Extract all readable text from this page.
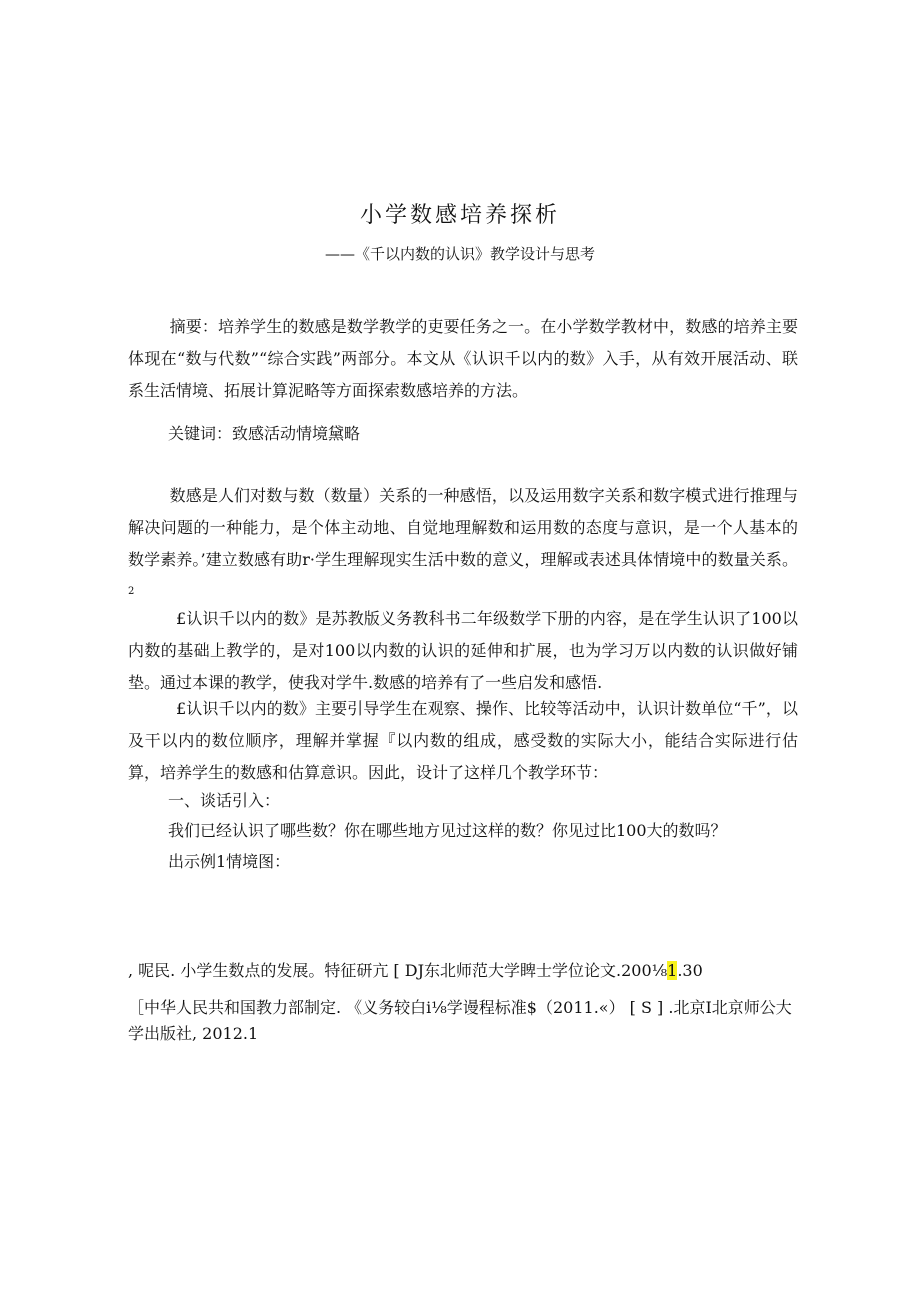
小学数感培养探析

——《千以内数的认识》教学设计与思考

摘要：培养学生的数感是数学教学的吏要任务之一。在小学数学教材中，数感的培养主要体现在“数与代数”“综合实践”两部分。本文从《认识千以内的数》入手，从有效开展活动、联系生活情境、拓展计算泥略等方面探索数感培养的方法。

关键词：致感活动情境黛略

数感是人们对数与数（数量）关系的一种感悟，以及运用数字关系和数字模式进行推理与解决问题的一种能力，是个体主动地、自觉地理解数和运用数的态度与意识，是一个人基本的数学素养。’建立数感有助r·学生理解现实生活中数的意义，理解或表述具体情境中的数量关系。$^2$

£认识千以内的数》是苏教版义务教科书二年级数学下册的内容，是在学生认识了100以内数的基础上教学的，是对100以内数的认识的延伸和扩展，也为学习万以内数的认识做好铺垫。通过本课的教学，使我对学牛.数感的培养有了一些启发和感悟.

£认识千以内的数》主要引导学生在观察、操作、比较等活动中，认识计数单位“千”，以及干以内的数位顺序，理解并掌握『以内数的组成，感受数的实际大小，能结合实际进行估算，培养学生的数感和估算意识。因此，设计了这样几个教学环节：

一、谈话引入：

我们已经认识了哪些数？你在哪些地方见过这样的数？你见过比100大的数吗？

出示例1情境图：

, 呢民. 小学生数点的发展。特征研亢 [ DJ东北师范大学睥士学位论文.200⅛1.30

［中华人民共和国教力部制定. 《义务较白i⅛学谩程标准$（2011.«） [ S ] .北京I北京师公大学出版社, 2012.1
